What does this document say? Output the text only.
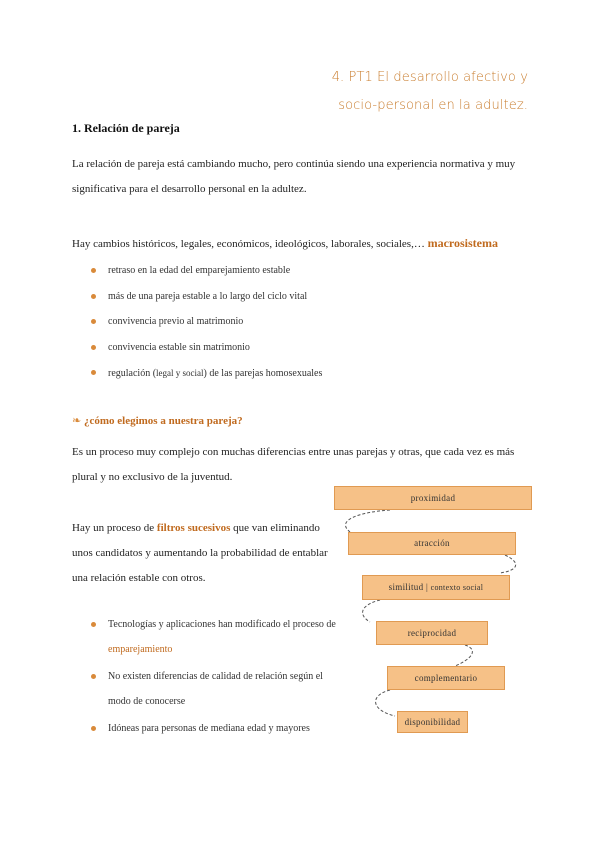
4. PT1 El desarrollo afectivo y
socio-personal en la adultez.
1. Relación de pareja
La relación de pareja está cambiando mucho, pero continúa siendo una experiencia normativa y muy significativa para el desarrollo personal en la adultez.
Hay cambios históricos, legales, económicos, ideológicos, laborales, sociales,… macrosistema
retraso en la edad del emparejamiento estable
más de una pareja estable a lo largo del ciclo vital
convivencia previo al matrimonio
convivencia estable sin matrimonio
regulación (legal y social) de las parejas homosexuales
❧ ¿cómo elegimos a nuestra pareja?
Es un proceso muy complejo con muchas diferencias entre unas parejas y otras, que cada vez es más plural y no exclusivo de la juventud.
Hay un proceso de filtros sucesivos que van eliminando unos candidatos y aumentando la probabilidad de entablar una relación estable con otros.
Tecnologías y aplicaciones han modificado el proceso de emparejamiento
No existen diferencias de calidad de relación según el modo de conocerse
Idóneas para personas de mediana edad y mayores
proximidad
atracción
similitud | contexto social
reciprocidad
complementario
disponibilidad
